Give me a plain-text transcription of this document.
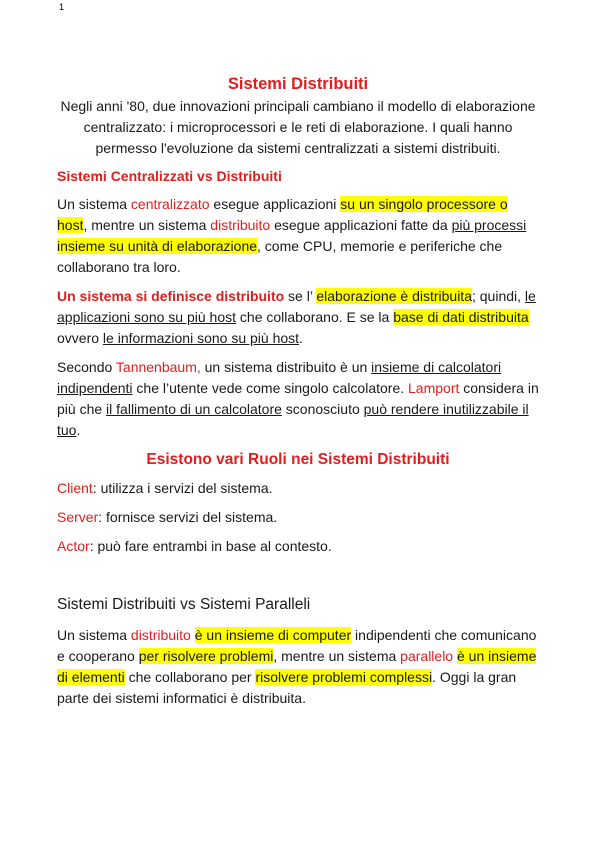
1
Sistemi Distribuiti
Negli anni '80, due innovazioni principali cambiano il modello di elaborazione centralizzato: i microprocessori e le reti di elaborazione. I quali hanno permesso l'evoluzione da sistemi centralizzati a sistemi distribuiti.
Sistemi Centralizzati vs Distribuiti

Un sistema centralizzato esegue applicazioni su un singolo processore o host, mentre un sistema distribuito esegue applicazioni fatte da più processi insieme su unità di elaborazione, come CPU, memorie e periferiche che collaborano tra loro.

Un sistema si definisce distribuito se l’ elaborazione è distribuita; quindi, le applicazioni sono su più host che collaborano. E se la base di dati distribuita ovvero le informazioni sono su più host.

Secondo Tannenbaum, un sistema distribuito è un insieme di calcolatori indipendenti che l’utente vede come singolo calcolatore. Lamport considera in più che il fallimento di un calcolatore sconosciuto può rendere inutilizzabile il tuo.

Esistono vari Ruoli nei Sistemi Distribuiti
Client: utilizza i servizi del sistema.
Server: fornisce servizi del sistema.
Actor: può fare entrambi in base al contesto.
Sistemi Distribuiti vs Sistemi Paralleli

Un sistema distribuito è un insieme di computer indipendenti che comunicano e cooperano per risolvere problemi, mentre un sistema parallelo è un insieme di elementi che collaborano per risolvere problemi complessi. Oggi la gran parte dei sistemi informatici è distribuita.
